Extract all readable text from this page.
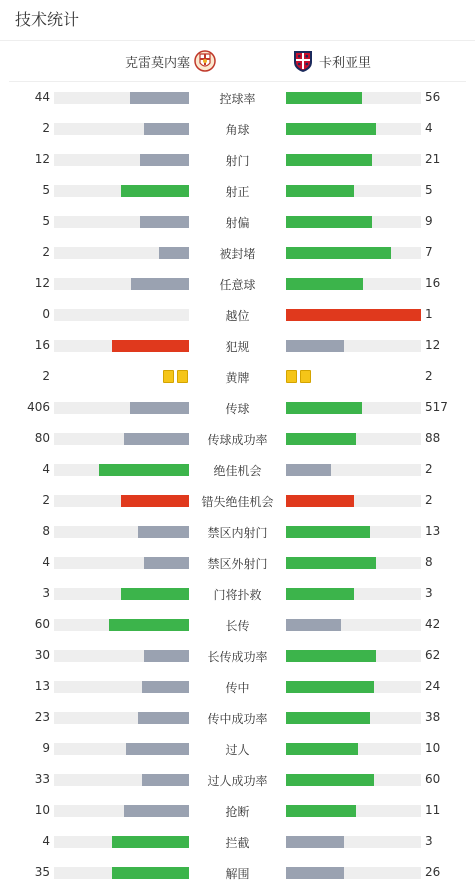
技术统计
克雷莫内塞	卡利亚里
44	控球率	56
2	角球	4
12	射门	21
5	射正	5
5	射偏	9
2	被封堵	7
12	任意球	16
0	越位	1
16	犯规	12
2	黄牌	2
406	传球	517
80	传球成功率	88
4	绝佳机会	2
2	错失绝佳机会	2
8	禁区内射门	13
4	禁区外射门	8
3	门将扑救	3
60	长传	42
30	长传成功率	62
13	传中	24
23	传中成功率	38
9	过人	10
33	过人成功率	60
10	抢断	11
4	拦截	3
35	解围	26
